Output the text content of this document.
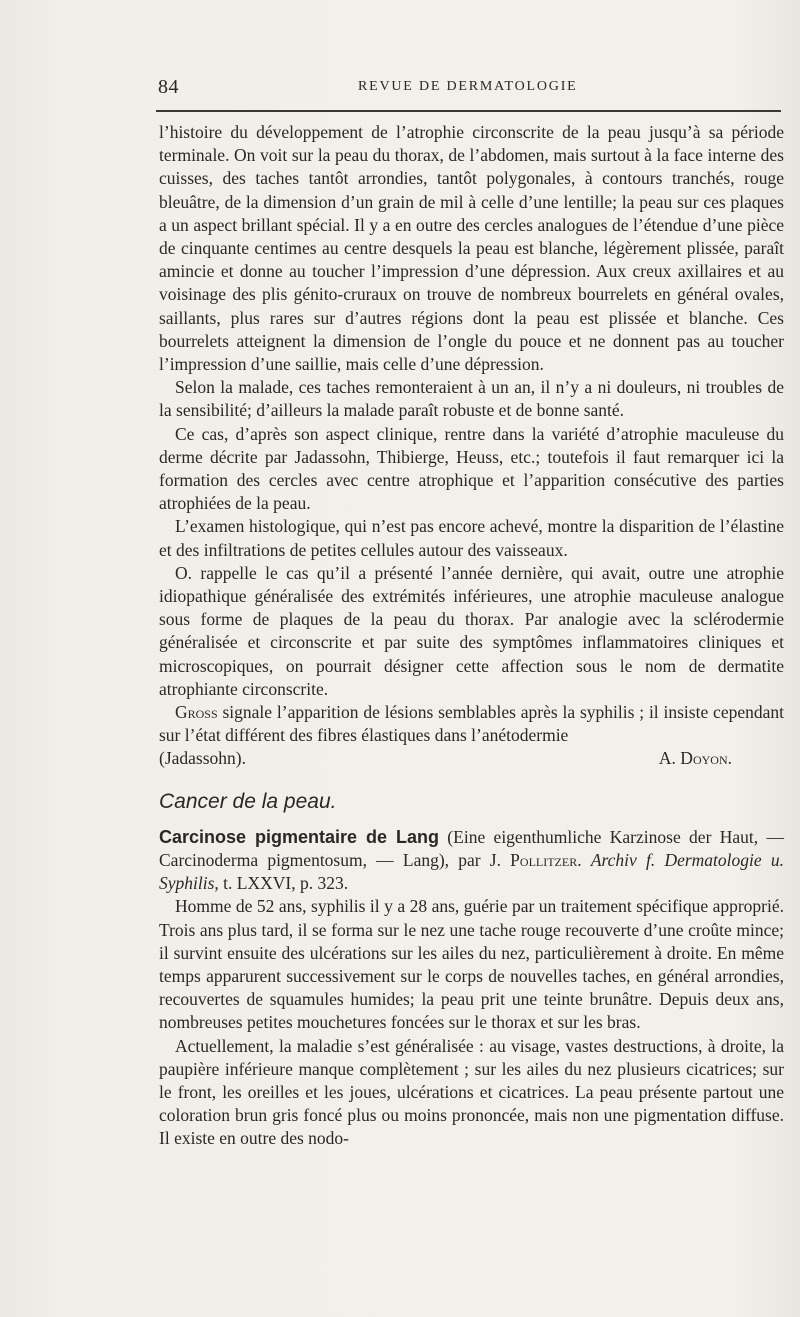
84	REVUE DE DERMATOLOGIE

l’histoire du développement de l’atrophie circonscrite de la peau jusqu’à sa période terminale. On voit sur la peau du thorax, de l’abdomen, mais surtout à la face interne des cuisses, des taches tantôt arrondies, tantôt polygonales, à contours tranchés, rouge bleuâtre, de la dimension d’un grain de mil à celle d’une lentille; la peau sur ces plaques a un aspect brillant spécial. Il y a en outre des cercles analogues de l’étendue d’une pièce de cinquante centimes au centre desquels la peau est blanche, légèrement plissée, paraît amincie et donne au toucher l’impression d’une dépression. Aux creux axillaires et au voisinage des plis génito-cruraux on trouve de nombreux bourrelets en général ovales, saillants, plus rares sur d’autres régions dont la peau est plissée et blanche. Ces bourrelets atteignent la dimension de l’ongle du pouce et ne donnent pas au toucher l’impression d’une saillie, mais celle d’une dépression.

Selon la malade, ces taches remonteraient à un an, il n’y a ni douleurs, ni troubles de la sensibilité; d’ailleurs la malade paraît robuste et de bonne santé.

Ce cas, d’après son aspect clinique, rentre dans la variété d’atrophie maculeuse du derme décrite par Jadassohn, Thibierge, Heuss, etc.; toutefois il faut remarquer ici la formation des cercles avec centre atrophique et l’apparition consécutive des parties atrophiées de la peau.

L’examen histologique, qui n’est pas encore achevé, montre la disparition de l’élastine et des infiltrations de petites cellules autour des vaisseaux.

O. rappelle le cas qu’il a présenté l’année dernière, qui avait, outre une atrophie idiopathique généralisée des extrémités inférieures, une atrophie maculeuse analogue sous forme de plaques de la peau du thorax. Par analogie avec la sclérodermie généralisée et circonscrite et par suite des symptômes inflammatoires cliniques et microscopiques, on pourrait désigner cette affection sous le nom de dermatite atrophiante circonscrite.

Gross signale l’apparition de lésions semblables après la syphilis ; il insiste cependant sur l’état différent des fibres élastiques dans l’anétodermie

(Jadassohn).	A. Doyon.
Cancer de la peau.

Carcinose pigmentaire de Lang (Eine eigenthumliche Karzinose der Haut, — Carcinoderma pigmentosum, — Lang), par J. Pollitzer. Archiv f. Dermatologie u. Syphilis, t. LXXVI, p. 323.

Homme de 52 ans, syphilis il y a 28 ans, guérie par un traitement spécifique approprié. Trois ans plus tard, il se forma sur le nez une tache rouge recouverte d’une croûte mince; il survint ensuite des ulcérations sur les ailes du nez, particulièrement à droite. En même temps apparurent successivement sur le corps de nouvelles taches, en général arrondies, recouvertes de squamules humides; la peau prit une teinte brunâtre. Depuis deux ans, nombreuses petites mouchetures foncées sur le thorax et sur les bras.

Actuellement, la maladie s’est généralisée : au visage, vastes destructions, à droite, la paupière inférieure manque complètement ; sur les ailes du nez plusieurs cicatrices; sur le front, les oreilles et les joues, ulcérations et cicatrices. La peau présente partout une coloration brun gris foncé plus ou moins prononcée, mais non une pigmentation diffuse. Il existe en outre des nodo-
